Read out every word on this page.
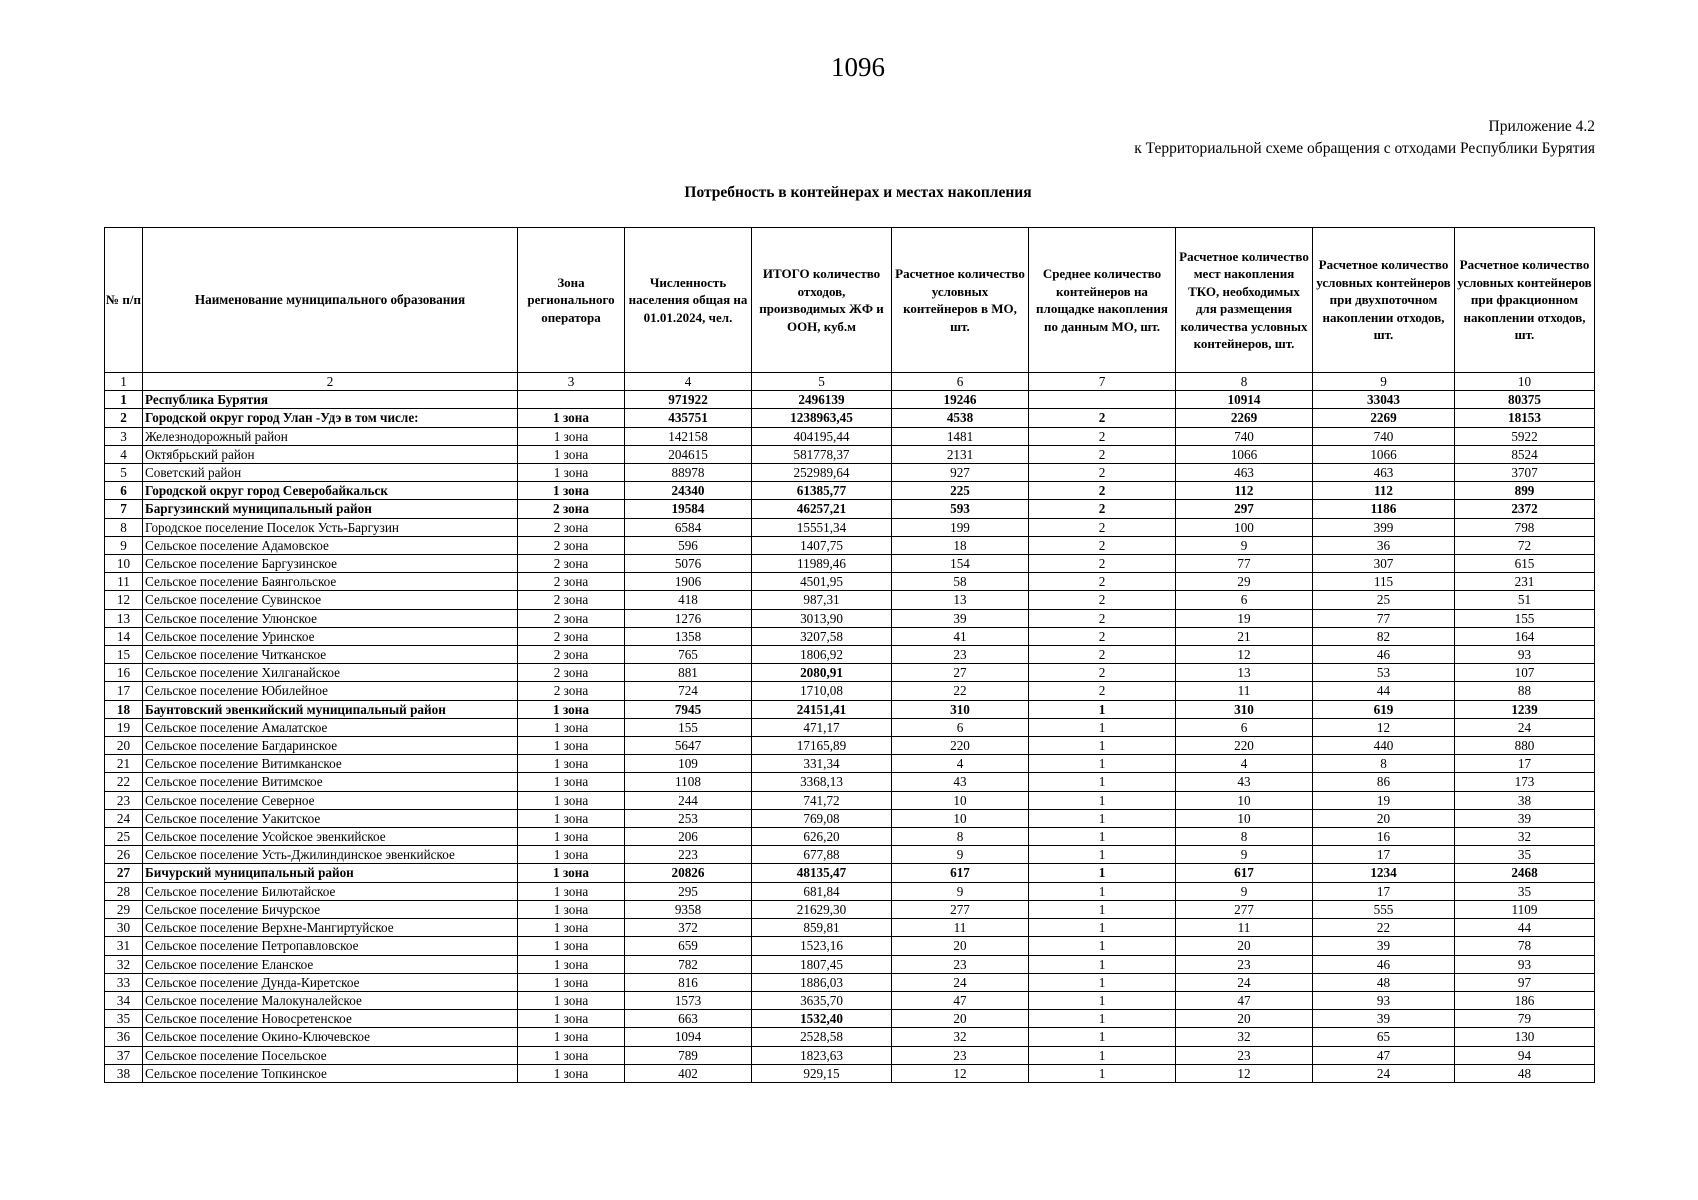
1096
Приложение 4.2
к Территориальной схеме обращения с отходами Республики Бурятия
Потребность в контейнерах и местах накопления
№ п/п	Наименование муниципального образования	Зона регионального оператора	Численность населения общая на 01.01.2024, чел.	ИТОГО количество отходов, производимых ЖФ и ООН, куб.м	Расчетное количество условных контейнеров в МО, шт.	Среднее количество контейнеров на площадке накопления по данным МО, шт.	Расчетное количество мест накопления ТКО, необходимых для размещения количества условных контейнеров, шт.	Расчетное количество условных контейнеров при двухпоточном накоплении отходов, шт.	Расчетное количество условных контейнеров при фракционном накоплении отходов, шт.
1	2	3	4	5	6	7	8	9	10
1	Республика Бурятия		971922	2496139	19246		10914	33043	80375
2	Городской округ город Улан -Удэ в том числе:	1 зона	435751	1238963,45	4538	2	2269	2269	18153
3	Железнодорожный район	1 зона	142158	404195,44	1481	2	740	740	5922
4	Октябрьский район	1 зона	204615	581778,37	2131	2	1066	1066	8524
5	Советский район	1 зона	88978	252989,64	927	2	463	463	3707
6	Городской округ город Северобайкальск	1 зона	24340	61385,77	225	2	112	112	899
7	Баргузинский муниципальный район	2 зона	19584	46257,21	593	2	297	1186	2372
8	Городское поселение Поселок Усть-Баргузин	2 зона	6584	15551,34	199	2	100	399	798
9	Сельское поселение Адамовское	2 зона	596	1407,75	18	2	9	36	72
10	Сельское поселение Баргузинское	2 зона	5076	11989,46	154	2	77	307	615
11	Сельское поселение Баянгольское	2 зона	1906	4501,95	58	2	29	115	231
12	Сельское поселение Сувинское	2 зона	418	987,31	13	2	6	25	51
13	Сельское поселение Улюнское	2 зона	1276	3013,90	39	2	19	77	155
14	Сельское поселение Уринское	2 зона	1358	3207,58	41	2	21	82	164
15	Сельское поселение Читканское	2 зона	765	1806,92	23	2	12	46	93
16	Сельское поселение Хилганайское	2 зона	881	2080,91	27	2	13	53	107
17	Сельское поселение Юбилейное	2 зона	724	1710,08	22	2	11	44	88
18	Баунтовский эвенкийский муниципальный район	1 зона	7945	24151,41	310	1	310	619	1239
19	Сельское поселение Амалатское	1 зона	155	471,17	6	1	6	12	24
20	Сельское поселение Багдаринское	1 зона	5647	17165,89	220	1	220	440	880
21	Сельское поселение Витимканское	1 зона	109	331,34	4	1	4	8	17
22	Сельское поселение Витимское	1 зона	1108	3368,13	43	1	43	86	173
23	Сельское поселение Северное	1 зона	244	741,72	10	1	10	19	38
24	Сельское поселение Уакитское	1 зона	253	769,08	10	1	10	20	39
25	Сельское поселение Усойское эвенкийское	1 зона	206	626,20	8	1	8	16	32
26	Сельское поселение Усть-Джилиндинское эвенкийское	1 зона	223	677,88	9	1	9	17	35
27	Бичурский муниципальный район	1 зона	20826	48135,47	617	1	617	1234	2468
28	Сельское поселение Билютайское	1 зона	295	681,84	9	1	9	17	35
29	Сельское поселение Бичурское	1 зона	9358	21629,30	277	1	277	555	1109
30	Сельское поселение Верхне-Мангиртуйское	1 зона	372	859,81	11	1	11	22	44
31	Сельское поселение Петропавловское	1 зона	659	1523,16	20	1	20	39	78
32	Сельское поселение Еланское	1 зона	782	1807,45	23	1	23	46	93
33	Сельское поселение Дунда-Киретское	1 зона	816	1886,03	24	1	24	48	97
34	Сельское поселение Малокуналейское	1 зона	1573	3635,70	47	1	47	93	186
35	Сельское поселение Новосретенское	1 зона	663	1532,40	20	1	20	39	79
36	Сельское поселение Окино-Ключевское	1 зона	1094	2528,58	32	1	32	65	130
37	Сельское поселение Посельское	1 зона	789	1823,63	23	1	23	47	94
38	Сельское поселение Топкинское	1 зона	402	929,15	12	1	12	24	48
